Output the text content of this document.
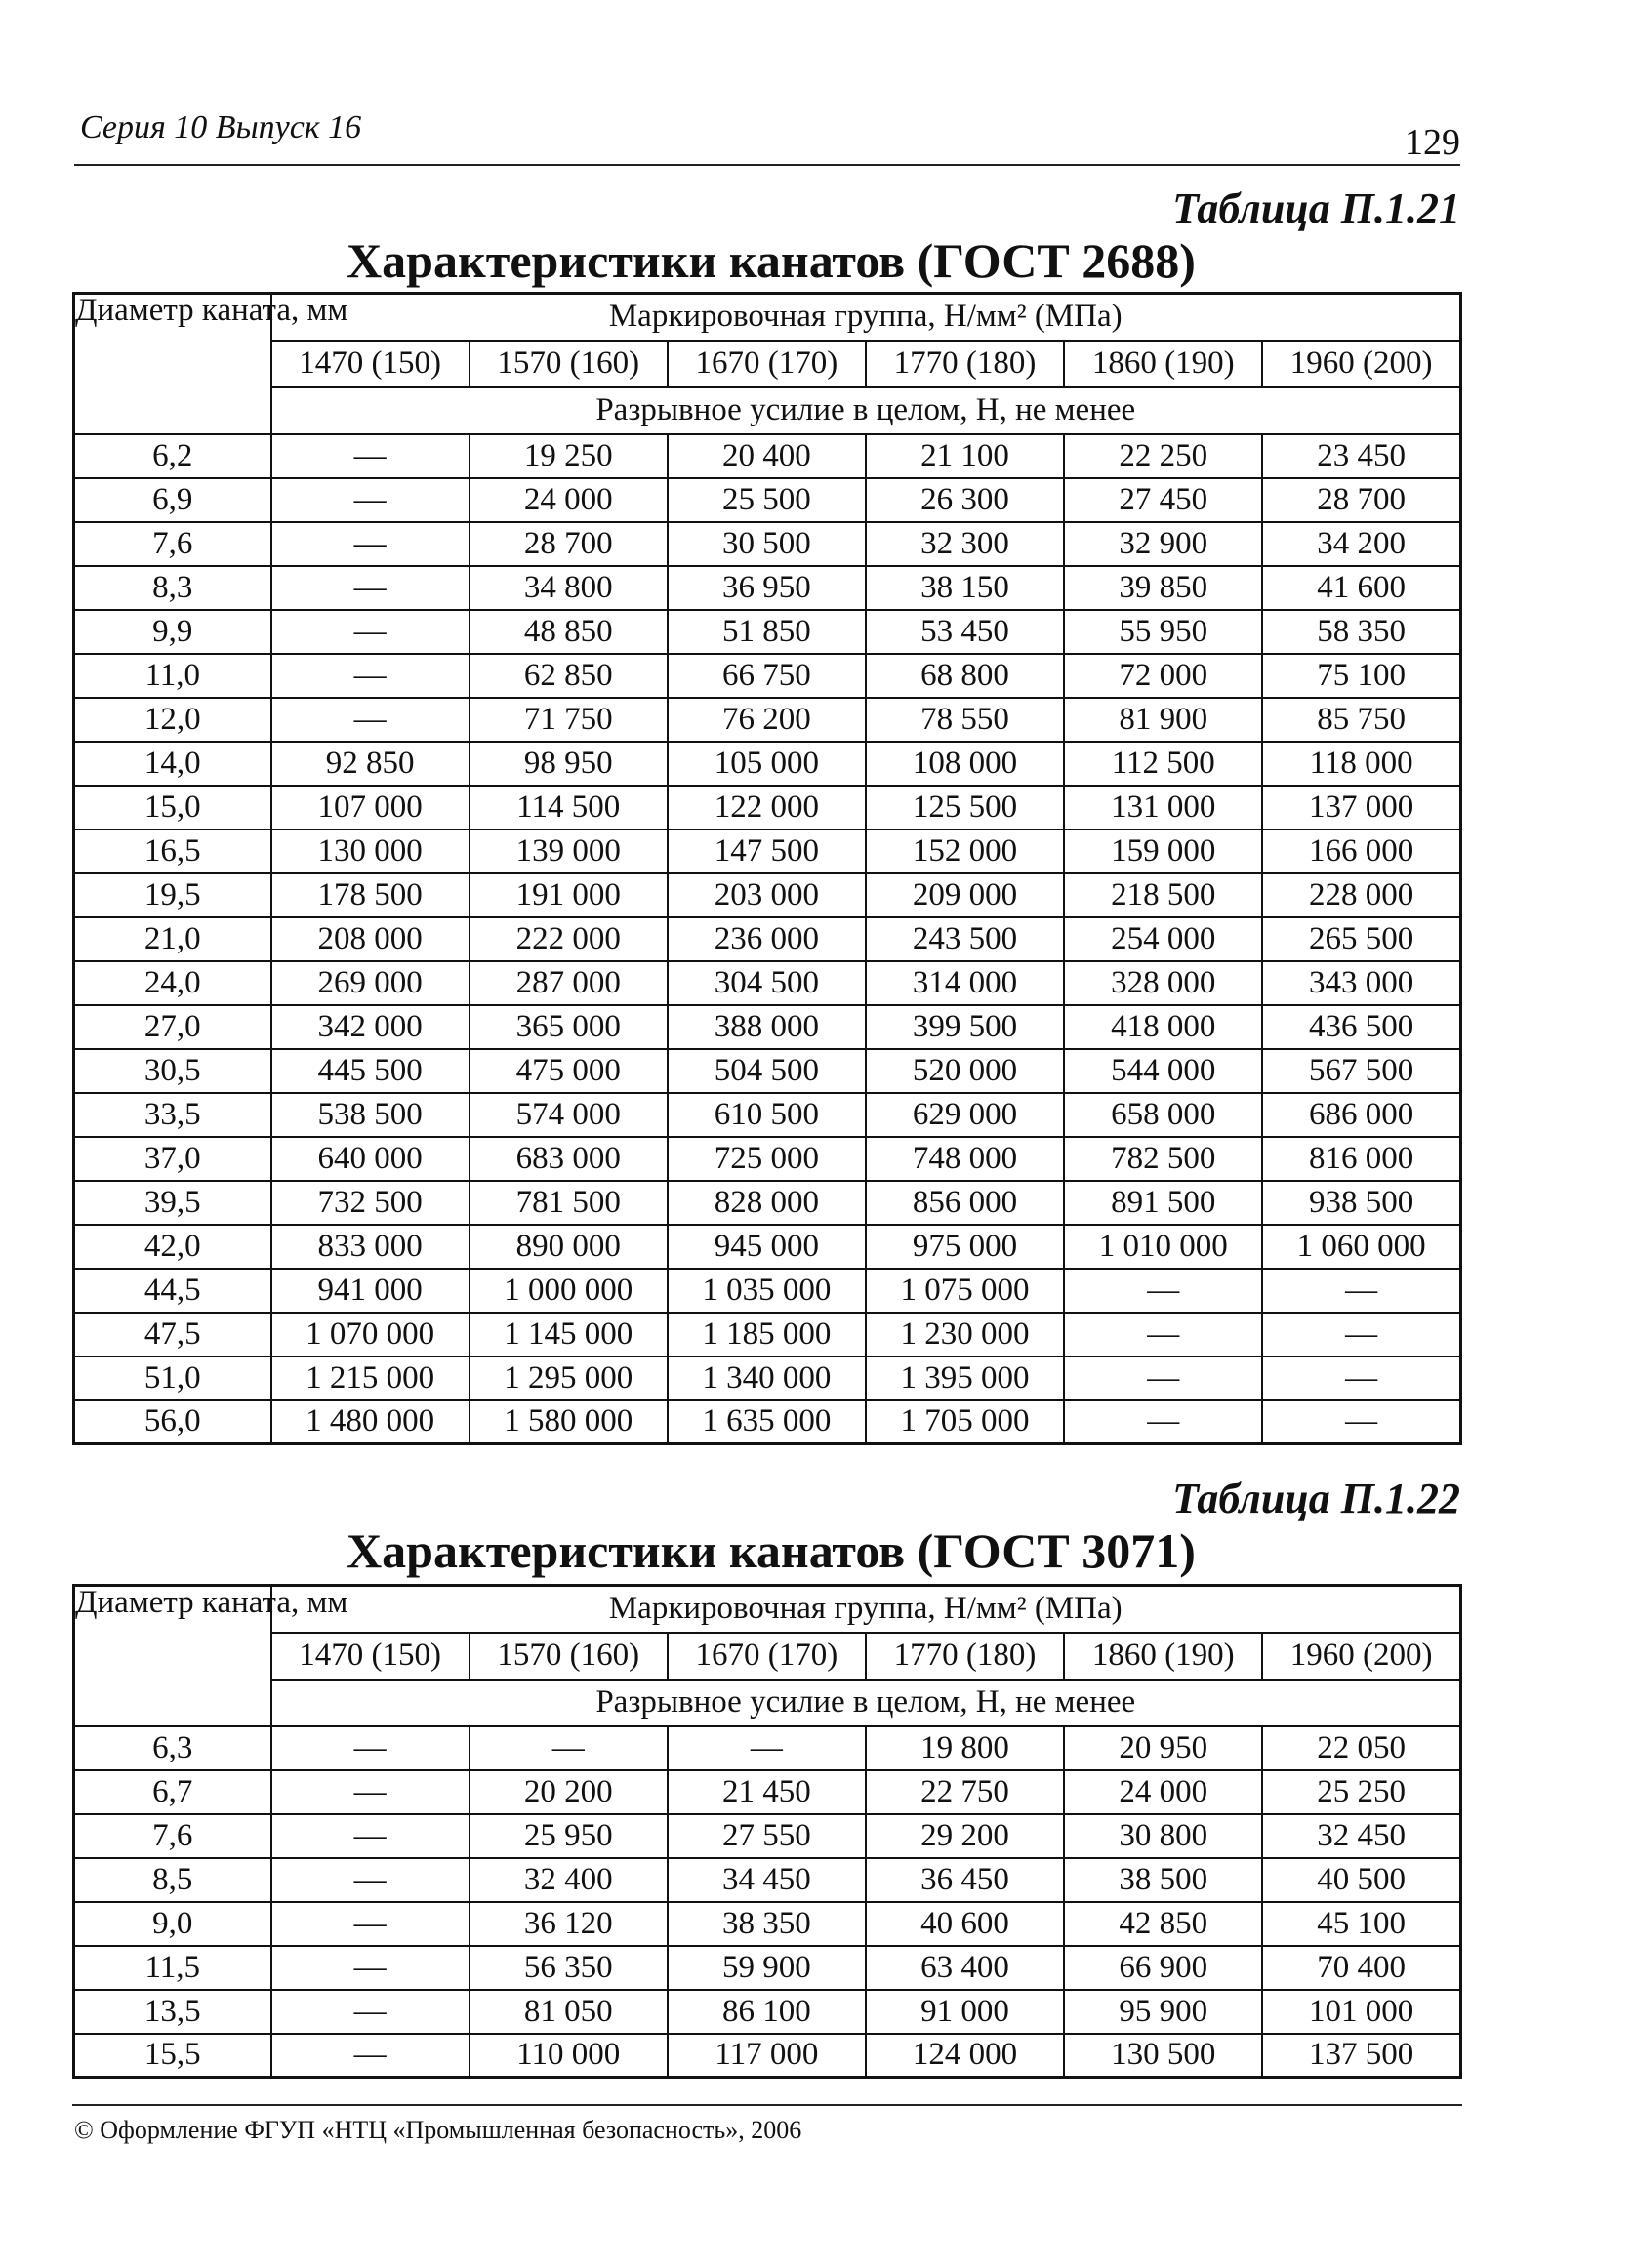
Серия 10 Выпуск 16	129
Таблица П.1.21
Характеристики канатов (ГОСТ 2688)
Диаметр каната, мм	Маркировочная группа, Н/мм² (МПа)					
	1470 (150)	1570 (160)	1670 (170)	1770 (180)	1860 (190)	1960 (200)
	Разрывное усилие в целом, Н, не менее					
6,2	—	19 250	20 400	21 100	22 250	23 450
6,9	—	24 000	25 500	26 300	27 450	28 700
7,6	—	28 700	30 500	32 300	32 900	34 200
8,3	—	34 800	36 950	38 150	39 850	41 600
9,9	—	48 850	51 850	53 450	55 950	58 350
11,0	—	62 850	66 750	68 800	72 000	75 100
12,0	—	71 750	76 200	78 550	81 900	85 750
14,0	92 850	98 950	105 000	108 000	112 500	118 000
15,0	107 000	114 500	122 000	125 500	131 000	137 000
16,5	130 000	139 000	147 500	152 000	159 000	166 000
19,5	178 500	191 000	203 000	209 000	218 500	228 000
21,0	208 000	222 000	236 000	243 500	254 000	265 500
24,0	269 000	287 000	304 500	314 000	328 000	343 000
27,0	342 000	365 000	388 000	399 500	418 000	436 500
30,5	445 500	475 000	504 500	520 000	544 000	567 500
33,5	538 500	574 000	610 500	629 000	658 000	686 000
37,0	640 000	683 000	725 000	748 000	782 500	816 000
39,5	732 500	781 500	828 000	856 000	891 500	938 500
42,0	833 000	890 000	945 000	975 000	1 010 000	1 060 000
44,5	941 000	1 000 000	1 035 000	1 075 000	—	—
47,5	1 070 000	1 145 000	1 185 000	1 230 000	—	—
51,0	1 215 000	1 295 000	1 340 000	1 395 000	—	—
56,0	1 480 000	1 580 000	1 635 000	1 705 000	—	—
Таблица П.1.22
Характеристики канатов (ГОСТ 3071)
Диаметр каната, мм	Маркировочная группа, Н/мм² (МПа)					
	1470 (150)	1570 (160)	1670 (170)	1770 (180)	1860 (190)	1960 (200)
	Разрывное усилие в целом, Н, не менее					
6,3	—	—	—	19 800	20 950	22 050
6,7	—	20 200	21 450	22 750	24 000	25 250
7,6	—	25 950	27 550	29 200	30 800	32 450
8,5	—	32 400	34 450	36 450	38 500	40 500
9,0	—	36 120	38 350	40 600	42 850	45 100
11,5	—	56 350	59 900	63 400	66 900	70 400
13,5	—	81 050	86 100	91 000	95 900	101 000
15,5	—	110 000	117 000	124 000	130 500	137 500
© Оформление ФГУП «НТЦ «Промышленная безопасность», 2006
